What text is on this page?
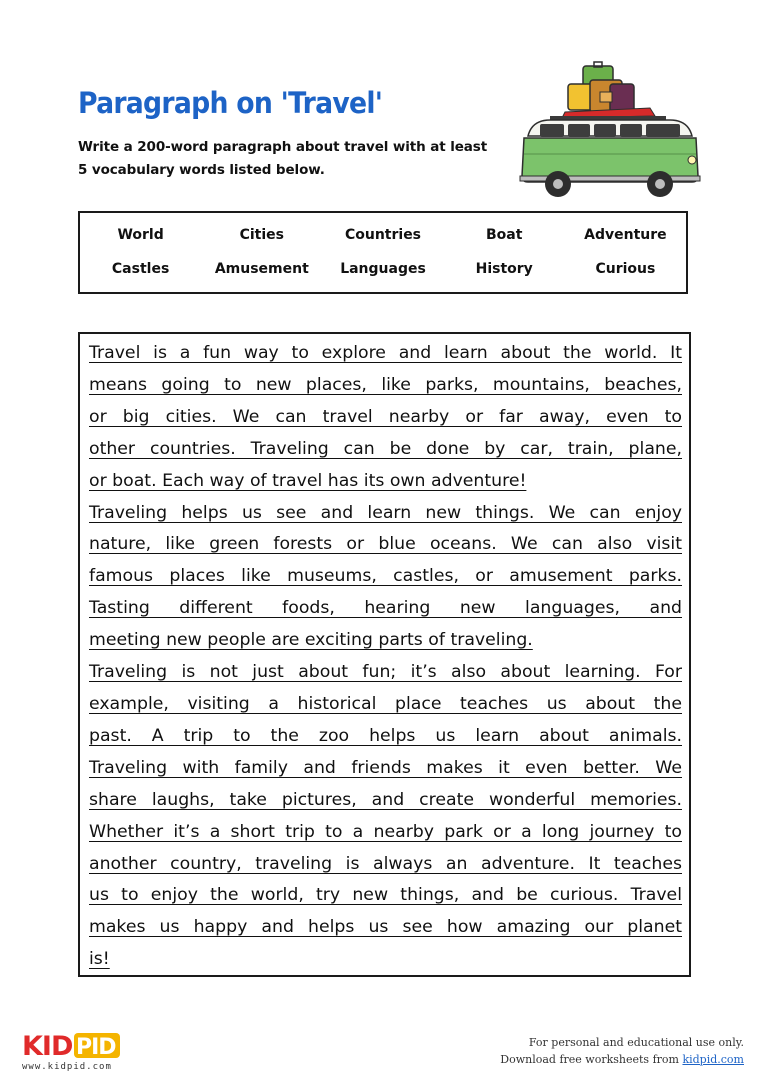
Paragraph on 'Travel'
Write a 200-word paragraph about travel with at least
5 vocabulary words listed below.
World	Cities	Countries	Boat	Adventure
Castles	Amusement	Languages	History	Curious
Travel is a fun way to explore and learn about the world. It
means going to new places, like parks, mountains, beaches,
or big cities. We can travel nearby or far away, even to
other countries. Traveling can be done by car, train, plane,
or boat. Each way of travel has its own adventure!
Traveling helps us see and learn new things. We can enjoy
nature, like green forests or blue oceans. We can also visit
famous places like museums, castles, or amusement parks.
Tasting different foods, hearing new languages, and
meeting new people are exciting parts of traveling.
Traveling is not just about fun; it’s also about learning. For
example, visiting a historical place teaches us about the
past. A trip to the zoo helps us learn about animals.
Traveling with family and friends makes it even better. We
share laughs, take pictures, and create wonderful memories.
Whether it’s a short trip to a nearby park or a long journey to
another country, traveling is always an adventure. It teaches
us to enjoy the world, try new things, and be curious. Travel
makes us happy and helps us see how amazing our planet
is!
KID PID
www.kidpid.com
For personal and educational use only.
Download free worksheets from kidpid.com
